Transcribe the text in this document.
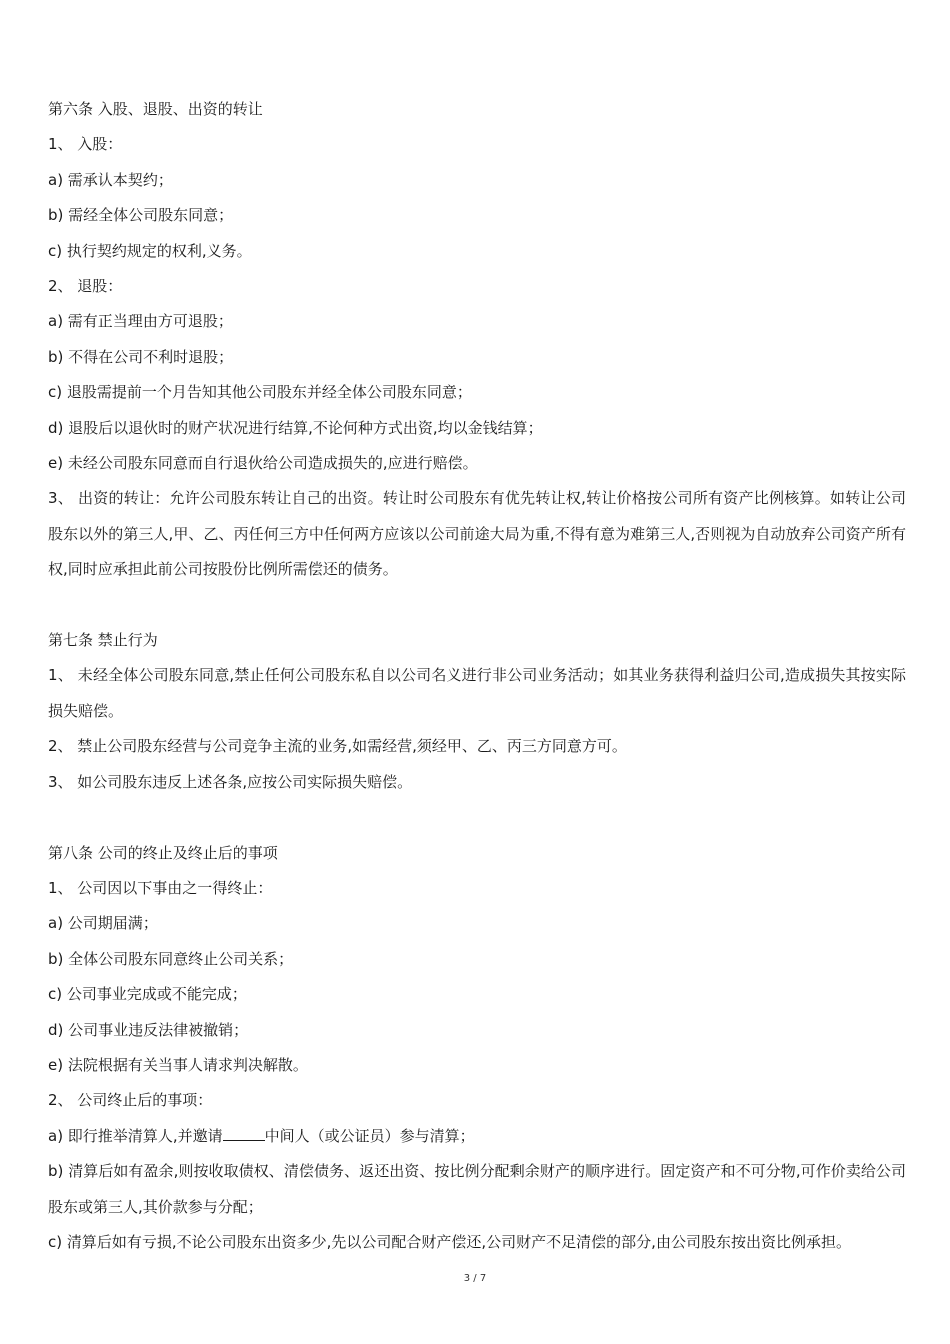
第六条 入股、退股、出资的转让

1、 入股：

a) 需承认本契约；

b) 需经全体公司股东同意；

c) 执行契约规定的权利,义务。

2、 退股：

a) 需有正当理由方可退股；

b) 不得在公司不利时退股；

c) 退股需提前一个月告知其他公司股东并经全体公司股东同意；

d) 退股后以退伙时的财产状况进行结算,不论何种方式出资,均以金钱结算；

e) 未经公司股东同意而自行退伙给公司造成损失的,应进行赔偿。

3、 出资的转让：允许公司股东转让自己的出资。转让时公司股东有优先转让权,转让价格按公司所有资产比例核算。如转让公司股东以外的第三人,甲、乙、丙任何三方中任何两方应该以公司前途大局为重,不得有意为难第三人,否则视为自动放弃公司资产所有权,同时应承担此前公司按股份比例所需偿还的债务。

第七条 禁止行为

1、 未经全体公司股东同意,禁止任何公司股东私自以公司名义进行非公司业务活动；如其业务获得利益归公司,造成损失其按实际损失赔偿。

2、 禁止公司股东经营与公司竞争主流的业务,如需经营,须经甲、乙、丙三方同意方可。

3、 如公司股东违反上述各条,应按公司实际损失赔偿。

第八条 公司的终止及终止后的事项

1、 公司因以下事由之一得终止：

a) 公司期届满；

b) 全体公司股东同意终止公司关系；

c) 公司事业完成或不能完成；

d) 公司事业违反法律被撤销；

e) 法院根据有关当事人请求判决解散。

2、 公司终止后的事项：

a) 即行推举清算人,并邀请	中间人（或公证员）参与清算；

b) 清算后如有盈余,则按收取债权、清偿债务、返还出资、按比例分配剩余财产的顺序进行。固定资产和不可分物,可作价卖给公司股东或第三人,其价款参与分配；

c) 清算后如有亏损,不论公司股东出资多少,先以公司配合财产偿还,公司财产不足清偿的部分,由公司股东按出资比例承担。

3 / 7
